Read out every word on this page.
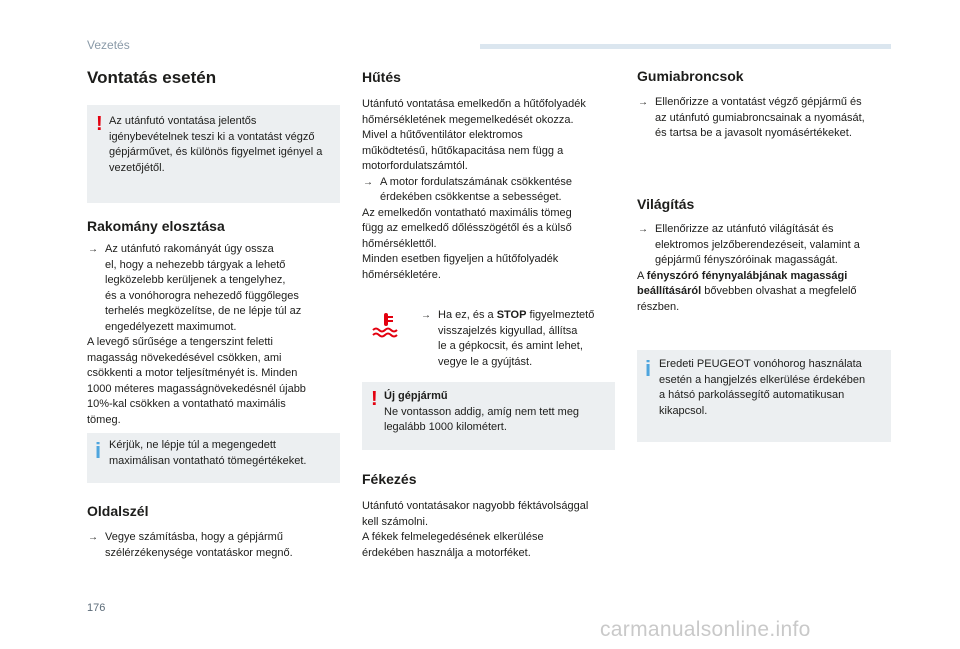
Vezetés
Vontatás esetén
! Az utánfutó vontatása jelentős igénybevételnek teszi ki a vontatást végző gépjárművet, és különös figyelmet igényel a vezetőjétől.

Rakomány elosztása
→ Az utánfutó rakományát úgy ossza

el, hogy a nehezebb tárgyak a lehető

legközelebb kerüljenek a tengelyhez,

és a vonóhorogra nehezedő függőleges

terhelés megközelítse, de ne lépje túl az

engedélyezett maximumot.

A levegő sűrűsége a tengerszint feletti

magasság növekedésével csökken, ami

csökkenti a motor teljesítményét is. Minden

1000 méteres magasságnövekedésnél újabb

10%-kal csökken a vontatható maximális

tömeg.

i Kérjük, ne lépje túl a megengedett

maximálisan vontatható tömegértékeket.

Oldalszél
→ Vegye számításba, hogy a gépjármű

szélérzékenysége vontatáskor megnő.

Hűtés

Utánfutó vontatása emelkedőn a hűtőfolyadék

hőmérsékletének megemelkedését okozza.

Mivel a hűtőventilátor elektromos

működtetésű, hűtőkapacitása nem függ a

motorfordulatszámtól.

→ A motor fordulatszámának csökkentése

érdekében csökkentse a sebességet.

Az emelkedőn vontatható maximális tömeg

függ az emelkedő dőlésszögétől és a külső

hőmérséklettől.

Minden esetben figyeljen a hűtőfolyadék

hőmérsékletére.

→ Ha ez, és a STOP figyelmeztető

visszajelzés kigyullad, állítsa

le a gépkocsit, és amint lehet,

vegye le a gyújtást.

! Új gépjármű

Ne vontasson addig, amíg nem tett meg

legalább 1000 kilométert.

Fékezés

Utánfutó vontatásakor nagyobb féktávolsággal

kell számolni.

A fékek felmelegedésének elkerülése

érdekében használja a motorféket.

Gumiabroncsok
→ Ellenőrizze a vontatást végző gépjármű és

az utánfutó gumiabroncsainak a nyomását,

és tartsa be a javasolt nyomásértékeket.

Világítás
→ Ellenőrizze az utánfutó világítását és

elektromos jelzőberendezéseit, valamint a

gépjármű fényszóróinak magasságát.

A fényszóró fénynyalábjának magassági

beállításáról bővebben olvashat a megfelelő

részben.

i Eredeti PEUGEOT vonóhorog használata

esetén a hangjelzés elkerülése érdekében

a hátsó parkolássegítő automatikusan

kikapcsol.

176
carmanualsonline.info
